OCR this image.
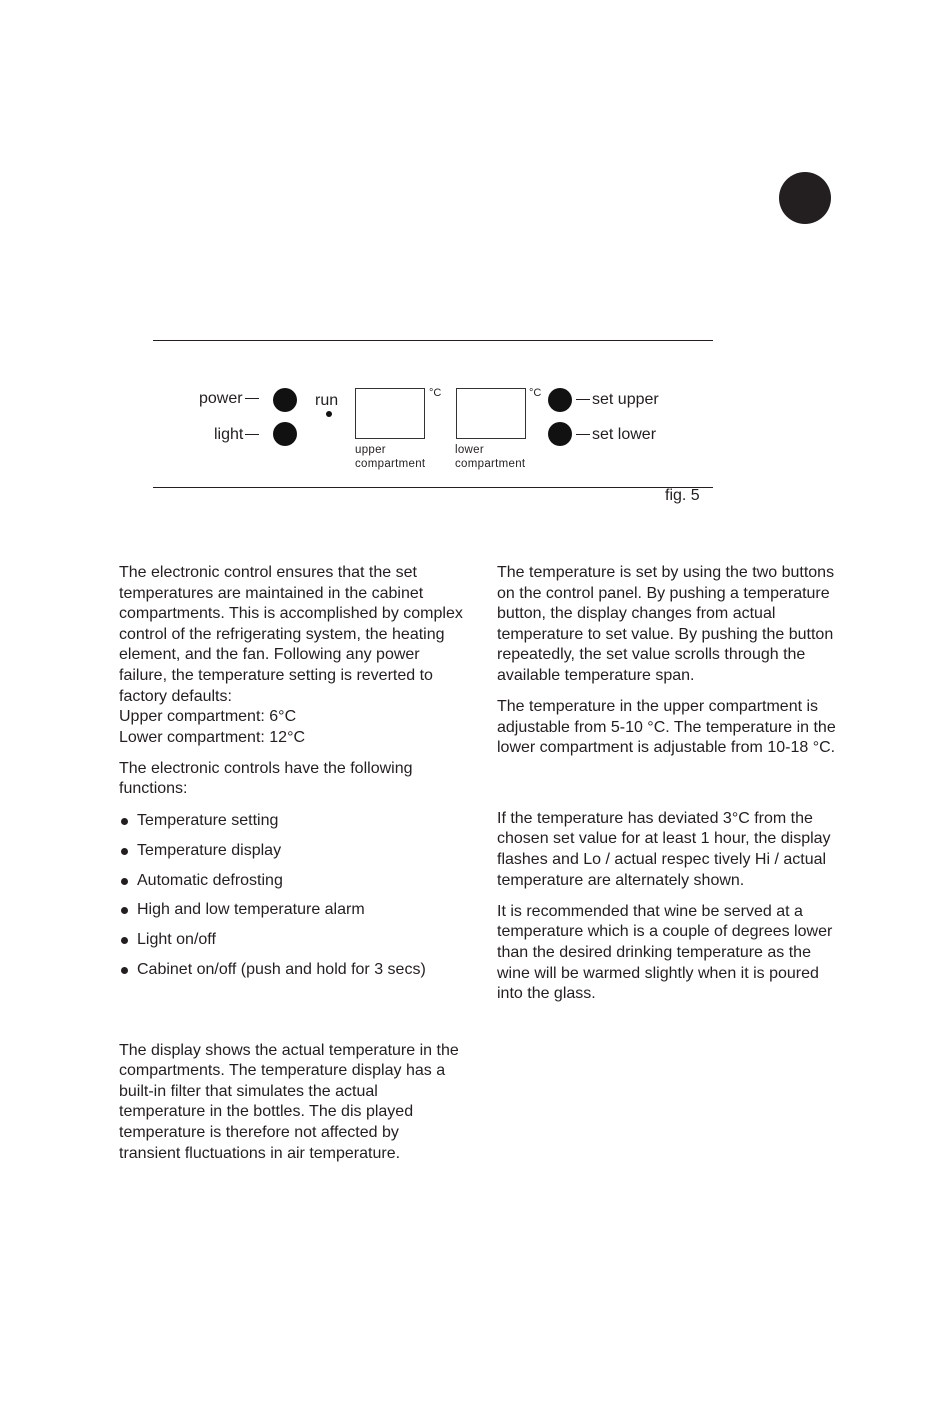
power
light
run	°C
upper
compartment
°C
lower
compartment
set upper
set lower
fig. 5

The electronic control ensures that the set temperatures are maintained in the cabinet compartments. This is accomplished by complex control of the refrigerating system, the heating element, and the fan. Following any power failure, the temperature setting is reverted to factory defaults:

Upper compartment: 6°C
Lower compartment: 12°C

The electronic controls have the following functions:

Temperature setting
Temperature display
Automatic defrosting
High and low temperature alarm
Light on/off
Cabinet on/off (push and hold for 3 secs)

The display shows the actual temperature in the compartments. The temperature display has a built-in filter that simulates the actual temperature in the bottles. The dis played temperature is therefore not affected by transient fluctuations in air temperature.

The temperature is set by using the two buttons on the control panel. By pushing a temperature button, the display changes from actual temperature to set value. By pushing the button repeatedly, the set value scrolls through the available temperature span.

The temperature in the upper compartment is adjustable from 5-10 °C. The temperature in the lower compartment is adjustable from 10-18 °C.

If the temperature has deviated 3°C from the chosen set value for at least 1 hour, the display flashes and Lo / actual respec tively Hi / actual temperature are alternately shown.

It is recommended that wine be served at a temperature which is a couple of degrees lower than the desired drinking temperature as the wine will be warmed slightly when it is poured into the glass.
